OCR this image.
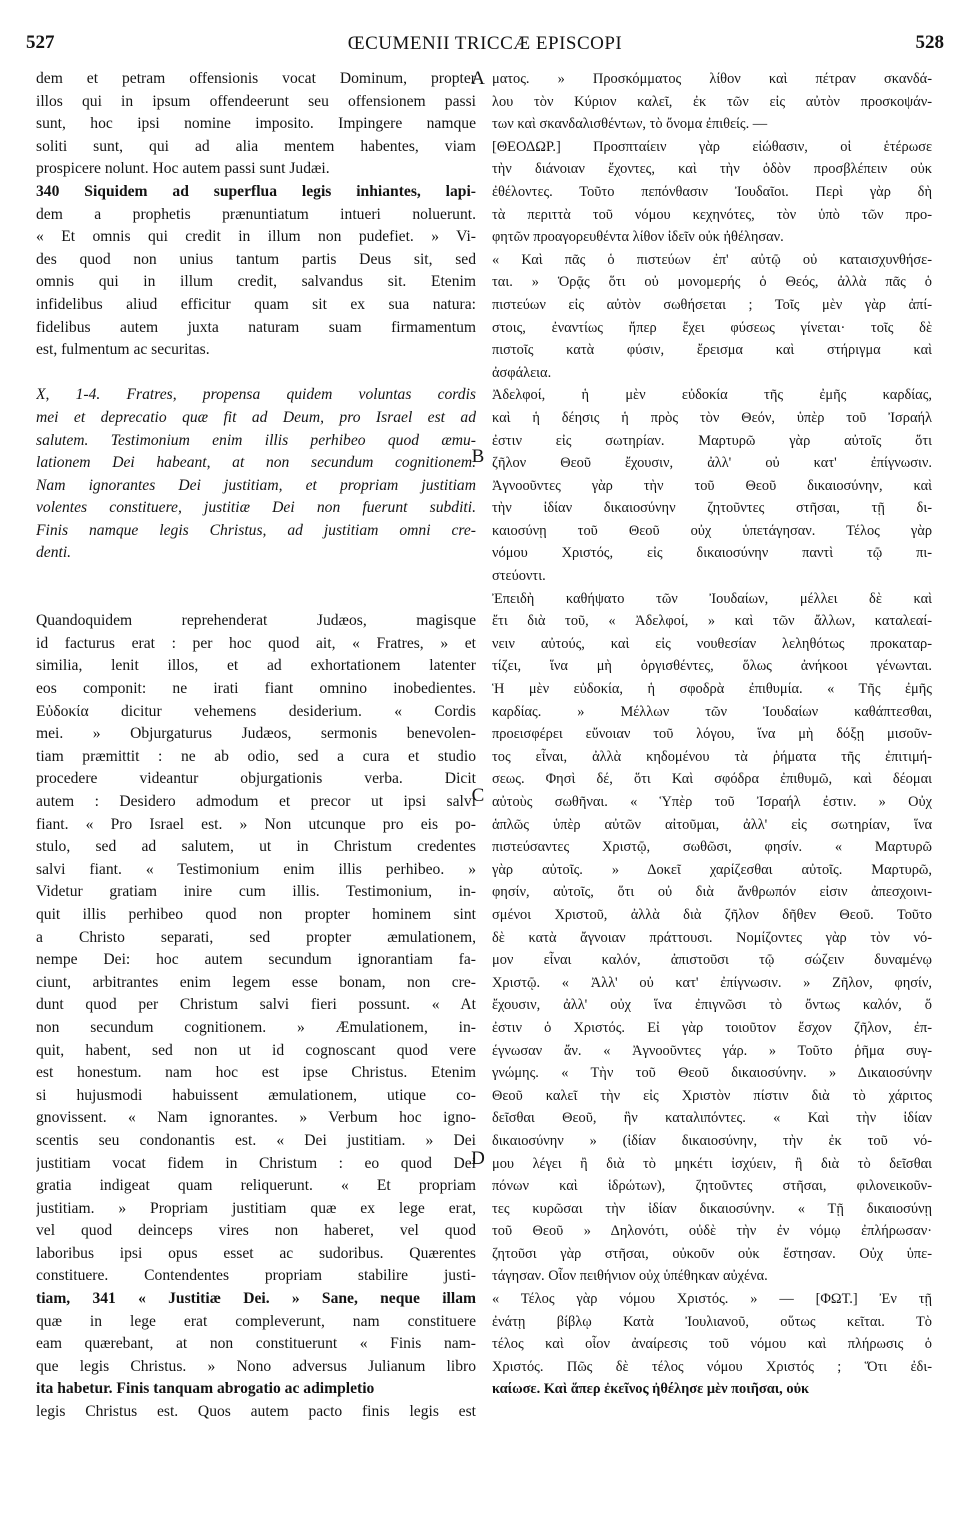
527	ŒCUMENII TRICCÆ EPISCOPI	528
dem et petram offensionis vocat Dominum, propter
illos qui in ipsum offendeerunt seu offensionem passi
sunt, hoc ipsi nomine imposito. Impingere namque
soliti sunt, qui ad alia mentem habentes, viam
prospicere nolunt. Hoc autem passi sunt Judæi.
340 Siquidem ad superflua legis inhiantes, lapi-
dem a prophetis prænuntiatum intueri noluerunt.
« Et omnis qui credit in illum non pudefiet. » Vi-
des quod non unius tantum partis Deus sit, sed
omnis qui in illum credit, salvandus sit. Etenim
infidelibus aliud efficitur quam sit ex sua natura:
fidelibus autem juxta naturam suam firmamentum
est, fulmentum ac securitas.
X, 1-4. Fratres, propensa quidem voluntas cordis
mei et deprecatio quæ fit ad Deum, pro Israel est ad
salutem. Testimonium enim illis perhibeo quod æmu-
lationem Dei habeant, at non secundum cognitionem.
Nam ignorantes Dei justitiam, et propriam justitiam
volentes constituere, justitiæ Dei non fuerunt subditi.
Finis namque legis Christus, ad justitiam omni cre-
denti.
Quandoquidem reprehenderat Judæos, magisque
id facturus erat : per hoc quod ait, « Fratres, » et
similia, lenit illos, et ad exhortationem latenter
eos componit: ne irati fiant omnino inobedientes.
Εὐδοκία dicitur vehemens desiderium. « Cordis
mei. » Objurgaturus Judæos, sermonis benevolen-
tiam præmittit : ne ab odio, sed a cura et studio
procedere videantur objurgationis verba. Dicit
autem : Desidero admodum et precor ut ipsi salvi
fiant. « Pro Israel est. » Non utcunque pro eis po-
stulo, sed ad salutem, ut in Christum credentes
salvi fiant. « Testimonium enim illis perhibeo. »
Videtur gratiam inire cum illis. Testimonium, in-
quit illis perhibeo quod non propter hominem sint
a Christo separati, sed propter æmulationem,
nempe Dei: hoc autem secundum ignorantiam fa-
ciunt, arbitrantes enim legem esse bonam, non cre-
dunt quod per Christum salvi fieri possunt. « At
non secundum cognitionem. » Æmulationem, in-
quit, habent, sed non ut id cognoscant quod vere
est honestum. nam hoc est ipse Christus. Etenim
si hujusmodi habuissent æmulationem, utique co-
gnovissent. « Nam ignorantes. » Verbum hoc igno-
scentis seu condonantis est. « Dei justitiam. » Dei
justitiam vocat fidem in Christum : eo quod Dei
gratia indigeat quam reliquerunt. « Et propriam
justitiam. » Propriam justitiam quæ ex lege erat,
vel quod deinceps vires non haberet, vel quod
laboribus ipsi opus esset ac sudoribus. Quærentes
constituere. Contendentes propriam stabilire justi-
tiam, 341 « Justitiæ Dei. » Sane, neque illam
quæ in lege erat compleverunt, nam constituere
eam quærebant, at non constituerunt « Finis nam-
que legis Christus. » Nono adversus Julianum libro
ita habetur. Finis tanquam abrogatio ac adimpletio
legis Christus est. Quos autem pacto finis legis est
A
B
C
D
ματος. » Προσκόμματος λίθον καὶ πέτραν σκανδά-
λου τὸν Κύριον καλεῖ, ἐκ τῶν εἰς αὐτὸν προσκοψάν-
των καὶ σκανδαλισθέντων, τὸ ὄνομα ἐπιθείς. —
[ΘΕΟΔΩΡ.] Προσπταίειν γὰρ εἰώθασιν, οἱ ἑτέρωσε
τὴν διάνοιαν ἔχοντες, καὶ τὴν ὁδὸν προσβλέπειν οὐκ
ἐθέλοντες. Τοῦτο πεπόνθασιν Ἰουδαῖοι. Περὶ γὰρ δὴ
τὰ περιττὰ τοῦ νόμου κεχηνότες, τὸν ὑπὸ τῶν προ-
φητῶν προαγορευθέντα λίθον ἰδεῖν οὐκ ἠθέλησαν.
« Καὶ πᾶς ὁ πιστεύων ἐπ' αὐτῷ οὐ καταισχυνθήσε-
ται. » Ὁρᾷς ὅτι οὐ μονομερής ὁ Θεός, ἀλλὰ πᾶς ὁ
πιστεύων εἰς αὐτὸν σωθήσεται ; Τοῖς μὲν γὰρ ἀπί-
στοις, ἐναντίως ἤπερ ἔχει φύσεως γίνεται· τοῖς δὲ
πιστοῖς κατὰ φύσιν, ἔρεισμα καὶ στήριγμα καὶ
ἀσφάλεια.
Ἀδελφοί, ἡ μὲν εὐδοκία τῆς ἐμῆς καρδίας,
καὶ ἡ δέησις ἡ πρὸς τὸν Θεόν, ὑπὲρ τοῦ Ἰσραήλ
ἐστιν εἰς σωτηρίαν. Μαρτυρῶ γὰρ αὐτοῖς ὅτι
ζῆλον Θεοῦ ἔχουσιν, ἀλλ' οὐ κατ' ἐπίγνωσιν.
Ἀγνοοῦντες γὰρ τὴν τοῦ Θεοῦ δικαιοσύνην, καὶ
τὴν ἰδίαν δικαιοσύνην ζητοῦντες στῆσαι, τῇ δι-
καιοσύνῃ τοῦ Θεοῦ οὐχ ὑπετάγησαν. Τέλος γὰρ
νόμου Χριστός, εἰς δικαιοσύνην παντὶ τῷ πι-
στεύοντι.
Ἐπειδὴ καθήψατο τῶν Ἰουδαίων, μέλλει δὲ καὶ
ἔτι διὰ τοῦ, « Ἀδελφοί, » καὶ τῶν ἄλλων, καταλεαί-
νειν αὐτούς, καὶ εἰς νουθεσίαν λεληθότως προκαταρ-
τίζει, ἵνα μὴ ὀργισθέντες, ὅλως ἀνήκοοι γένωνται.
Ἡ μὲν εὐδοκία, ἡ σφοδρὰ ἐπιθυμία. « Τῆς ἐμῆς
καρδίας. » Μέλλων τῶν Ἰουδαίων καθάπτεσθαι,
προεισφέρει εὔνοιαν τοῦ λόγου, ἵνα μὴ δόξῃ μισοῦν-
τος εἶναι, ἀλλὰ κηδομένου τὰ ῥήματα τῆς ἐπιτιμή-
σεως. Φησὶ δέ, ὅτι Καὶ σφόδρα ἐπιθυμῶ, καὶ δέομαι
αὐτοὺς σωθῆναι. « Ὑπὲρ τοῦ Ἰσραήλ ἐστιν. » Οὐχ
ἁπλῶς ὑπὲρ αὐτῶν αἰτοῦμαι, ἀλλ' εἰς σωτηρίαν, ἵνα
πιστεύσαντες Χριστῷ, σωθῶσι, φησίν. « Μαρτυρῶ
γὰρ αὐτοῖς. » Δοκεῖ χαρίζεσθαι αὐτοῖς. Μαρτυρῶ,
φησίν, αὐτοῖς, ὅτι οὐ διὰ ἄνθρωπόν εἰσιν ἀπεσχοινι-
σμένοι Χριστοῦ, ἀλλὰ διὰ ζῆλον δῆθεν Θεοῦ. Τοῦτο
δὲ κατὰ ἄγνοιαν πράττουσι. Νομίζοντες γὰρ τὸν νό-
μον εἶναι καλόν, ἀπιστοῦσι τῷ σώζειν δυναμένῳ
Χριστῷ. « Ἀλλ' οὐ κατ' ἐπίγνωσιν. » Ζῆλον, φησίν,
ἔχουσιν, ἀλλ' οὐχ ἵνα ἐπιγνῶσι τὸ ὄντως καλόν, ὅ
ἐστιν ὁ Χριστός. Εἰ γὰρ τοιοῦτον ἔσχον ζῆλον, ἐπ-
έγνωσαν ἄν. « Ἀγνοοῦντες γάρ. » Τοῦτο ῥῆμα συγ-
γνώμης. « Τὴν τοῦ Θεοῦ δικαιοσύνην. » Δικαιοσύνην
Θεοῦ καλεῖ τὴν εἰς Χριστὸν πίστιν διὰ τὸ χάριτος
δεῖσθαι Θεοῦ, ἣν καταλιπόντες. « Καὶ τὴν ἰδίαν
δικαιοσύνην » (ἰδίαν δικαιοσύνην, τὴν ἐκ τοῦ νό-
μου λέγει ἢ διὰ τὸ μηκέτι ἰσχύειν, ἢ διὰ τὸ δεῖσθαι
πόνων καὶ ἱδρώτων), ζητοῦντες στῆσαι, φιλονεικοῦν-
τες κυρῶσαι τὴν ἰδίαν δικαιοσύνην. « Τῇ δικαιοσύνῃ
τοῦ Θεοῦ » Δηλονότι, οὐδὲ τὴν ἐν νόμῳ ἐπλήρωσαν·
ζητοῦσι γὰρ στῆσαι, οὐκοῦν οὐκ ἔστησαν. Οὐχ ὑπε-
τάγησαν. Οἷον πειθήνιον οὐχ ὑπέθηκαν αὐχένα.
« Τέλος γὰρ νόμου Χριστός. » — [ΦΩΤ.] Ἐν τῇ
ἐνάτῃ βίβλῳ Κατὰ Ἰουλιανοῦ, οὕτως κεῖται. Τὸ
τέλος καὶ οἷον ἀναίρεσις τοῦ νόμου καὶ πλήρωσις ὁ
Χριστός. Πῶς δὲ τέλος νόμου Χριστός ; Ὅτι ἐδι-
καίωσε. Καὶ ἅπερ ἐκεῖνος ἠθέλησε μὲν ποιῆσαι, οὐκ
